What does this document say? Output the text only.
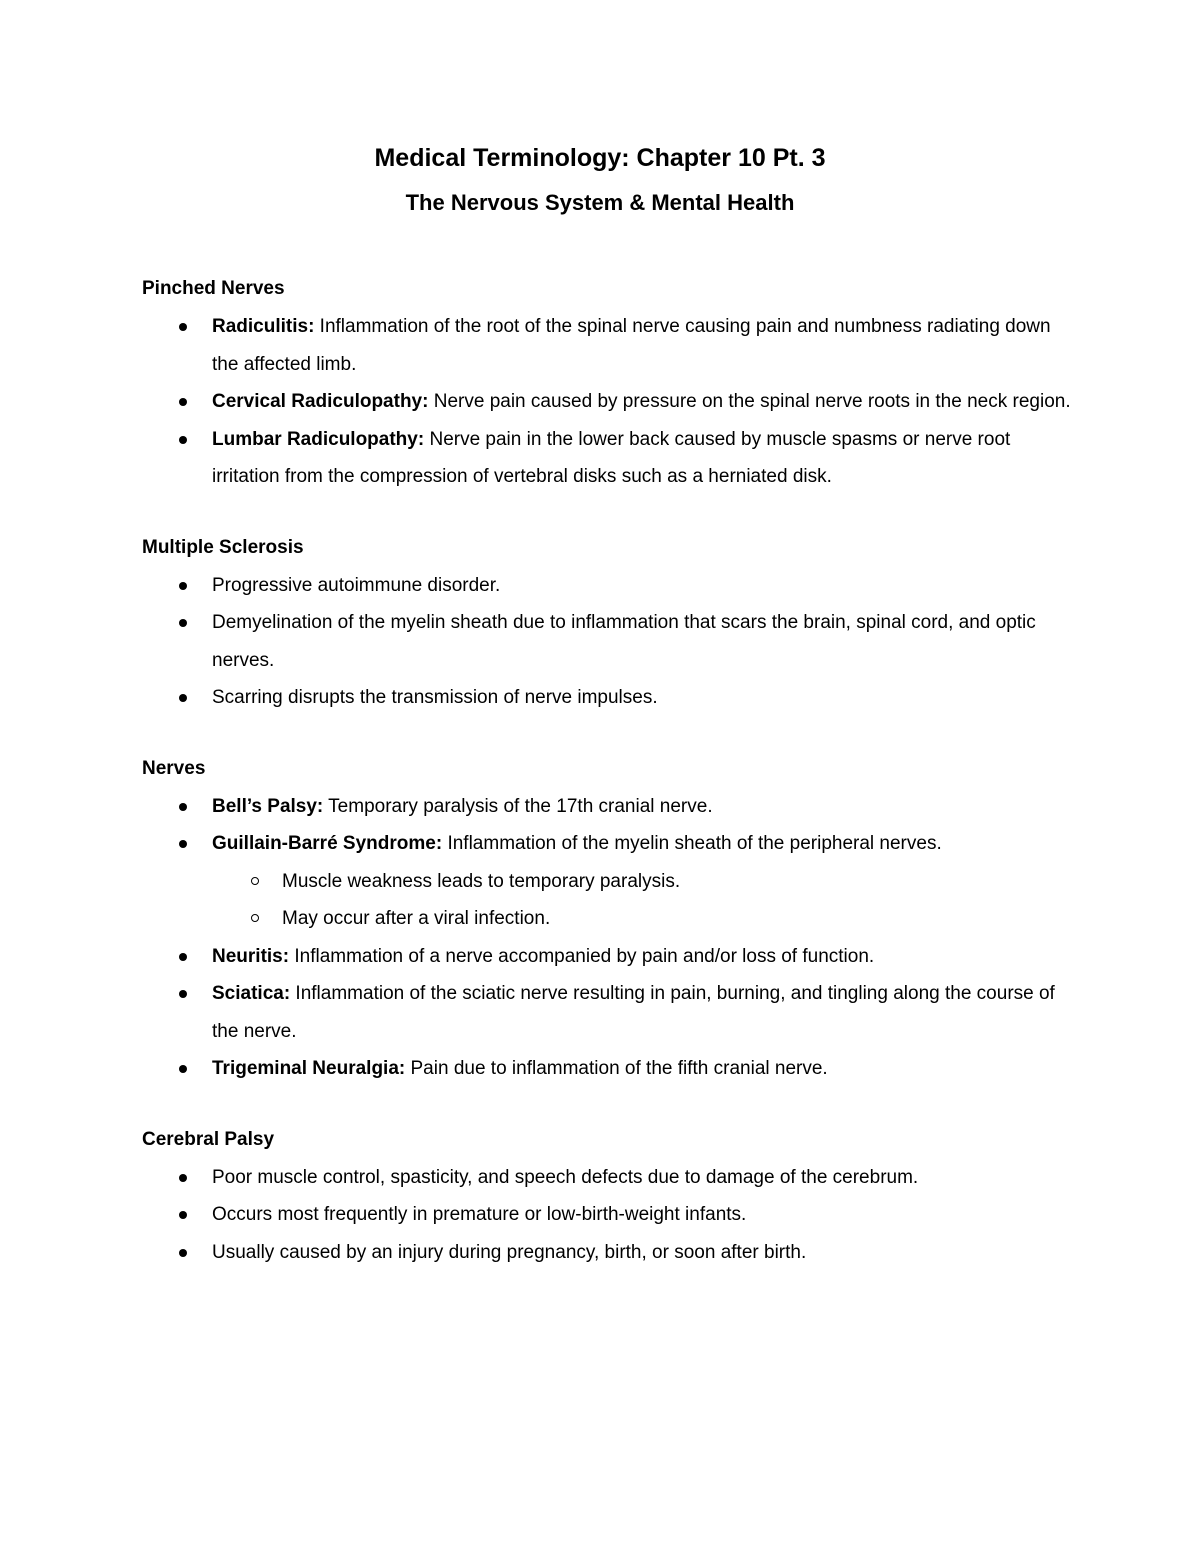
Medical Terminology: Chapter 10 Pt. 3
The Nervous System & Mental Health
Pinched Nerves
Radiculitis: Inflammation of the root of the spinal nerve causing pain and numbness radiating down the affected limb.
Cervical Radiculopathy: Nerve pain caused by pressure on the spinal nerve roots in the neck region.
Lumbar Radiculopathy: Nerve pain in the lower back caused by muscle spasms or nerve root irritation from the compression of vertebral disks such as a herniated disk.
Multiple Sclerosis
Progressive autoimmune disorder.
Demyelination of the myelin sheath due to inflammation that scars the brain, spinal cord, and optic nerves.
Scarring disrupts the transmission of nerve impulses.
Nerves
Bell’s Palsy: Temporary paralysis of the 17th cranial nerve.
Guillain-Barré Syndrome: Inflammation of the myelin sheath of the peripheral nerves.
Muscle weakness leads to temporary paralysis.
May occur after a viral infection.
Neuritis: Inflammation of a nerve accompanied by pain and/or loss of function.
Sciatica: Inflammation of the sciatic nerve resulting in pain, burning, and tingling along the course of the nerve.
Trigeminal Neuralgia: Pain due to inflammation of the fifth cranial nerve.
Cerebral Palsy
Poor muscle control, spasticity, and speech defects due to damage of the cerebrum.
Occurs most frequently in premature or low-birth-weight infants.
Usually caused by an injury during pregnancy, birth, or soon after birth.
